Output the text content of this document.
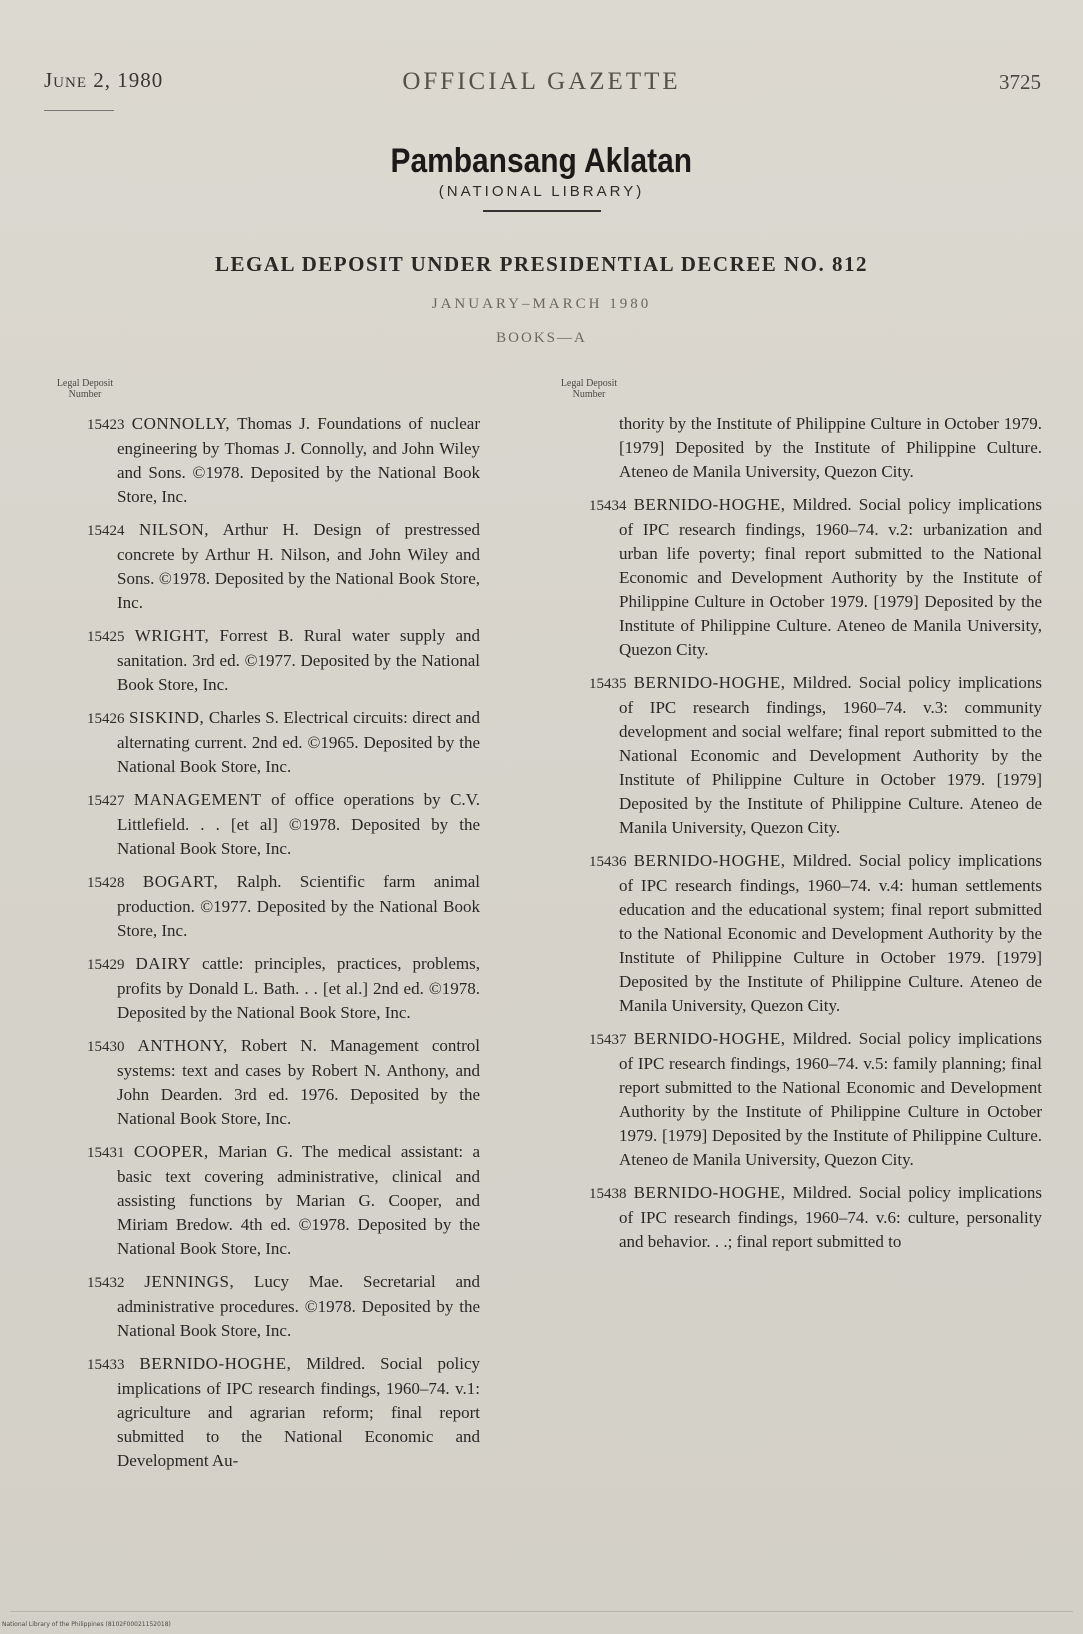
June 2, 1980	OFFICIAL GAZETTE	3725
Pambansang Aklatan
(NATIONAL LIBRARY)
LEGAL DEPOSIT UNDER PRESIDENTIAL DECREE NO. 812
JANUARY–MARCH 1980
BOOKS—A
Legal Deposit Number
15423 CONNOLLY, Thomas J. Foundations of nuclear engineering by Thomas J. Connolly, and John Wiley and Sons. ©1978. Deposited by the National Book Store, Inc.
15424 NILSON, Arthur H. Design of prestressed concrete by Arthur H. Nilson, and John Wiley and Sons. ©1978. Deposited by the National Book Store, Inc.
15425 WRIGHT, Forrest B. Rural water supply and sanitation. 3rd ed. ©1977. Deposited by the National Book Store, Inc.
15426 SISKIND, Charles S. Electrical circuits: direct and alternating current. 2nd ed. ©1965. Deposited by the National Book Store, Inc.
15427 MANAGEMENT of office operations by C.V. Littlefield. . . [et al] ©1978. Deposited by the National Book Store, Inc.
15428 BOGART, Ralph. Scientific farm animal production. ©1977. Deposited by the National Book Store, Inc.
15429 DAIRY cattle: principles, practices, problems, profits by Donald L. Bath. . . [et al.] 2nd ed. ©1978. Deposited by the National Book Store, Inc.
15430 ANTHONY, Robert N. Management control systems: text and cases by Robert N. Anthony, and John Dearden. 3rd ed. 1976. Deposited by the National Book Store, Inc.
15431 COOPER, Marian G. The medical assistant: a basic text covering administrative, clinical and assisting functions by Marian G. Cooper, and Miriam Bredow. 4th ed. ©1978. Deposited by the National Book Store, Inc.
15432 JENNINGS, Lucy Mae. Secretarial and administrative procedures. ©1978. Deposited by the National Book Store, Inc.
15433 BERNIDO-HOGHE, Mildred. Social policy implications of IPC research findings, 1960–74. v.1: agriculture and agrarian reform; final report submitted to the National Economic and Development Au-
Legal Deposit Number
thority by the Institute of Philippine Culture in October 1979. [1979] Deposited by the Institute of Philippine Culture. Ateneo de Manila University, Quezon City.
15434 BERNIDO-HOGHE, Mildred. Social policy implications of IPC research findings, 1960–74. v.2: urbanization and urban life poverty; final report submitted to the National Economic and Development Authority by the Institute of Philippine Culture in October 1979. [1979] Deposited by the Institute of Philippine Culture. Ateneo de Manila University, Quezon City.
15435 BERNIDO-HOGHE, Mildred. Social policy implications of IPC research findings, 1960–74. v.3: community development and social welfare; final report submitted to the National Economic and Development Authority by the Institute of Philippine Culture in October 1979. [1979] Deposited by the Institute of Philippine Culture. Ateneo de Manila University, Quezon City.
15436 BERNIDO-HOGHE, Mildred. Social policy implications of IPC research findings, 1960–74. v.4: human settlements education and the educational system; final report submitted to the National Economic and Development Authority by the Institute of Philippine Culture in October 1979. [1979] Deposited by the Institute of Philippine Culture. Ateneo de Manila University, Quezon City.
15437 BERNIDO-HOGHE, Mildred. Social policy implications of IPC research findings, 1960–74. v.5: family planning; final report submitted to the National Economic and Development Authority by the Institute of Philippine Culture in October 1979. [1979] Deposited by the Institute of Philippine Culture. Ateneo de Manila University, Quezon City.
15438 BERNIDO-HOGHE, Mildred. Social policy implications of IPC research findings, 1960–74. v.6: culture, personality and behavior. . .; final report submitted to
National Library of the Philippines (8102F00021152018)
